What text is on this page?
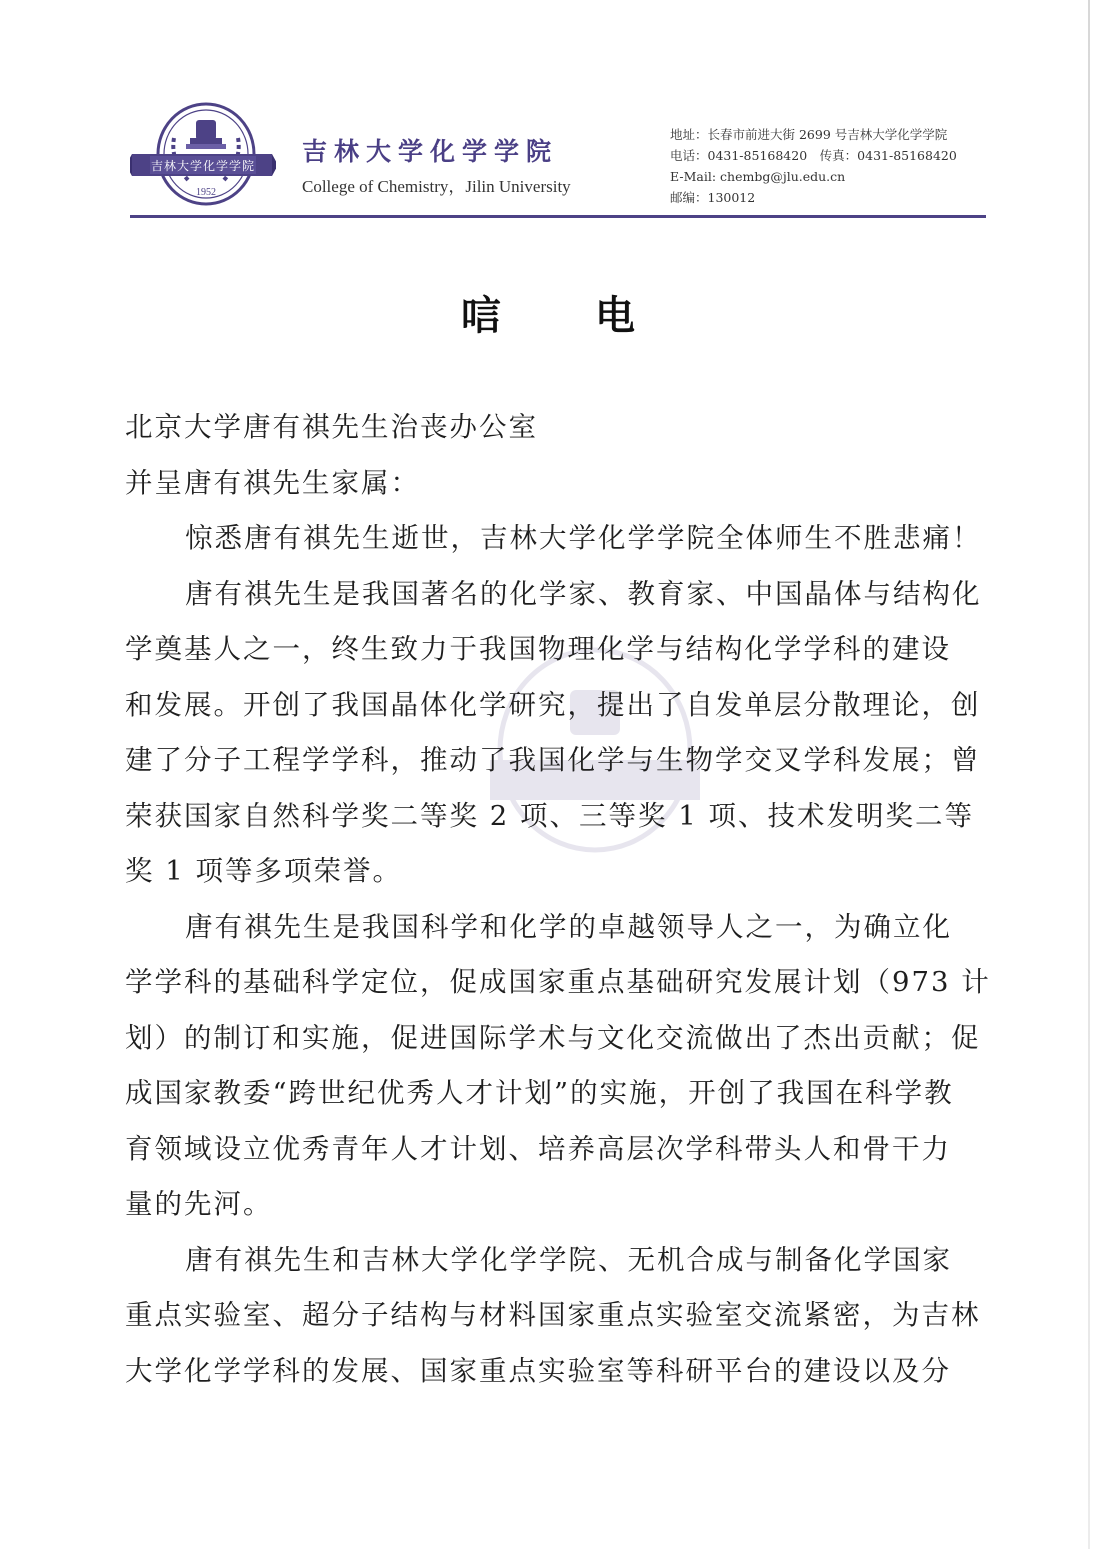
吉林大学化学学院
1952
吉林大学化学学院
College of Chemistry，Jilin University
地址：长春市前进大街 2699 号吉林大学化学学院
电话：0431-85168420　传真：0431-85168420
E-Mail: chembg@jlu.edu.cn
邮编：130012
唁电
北京大学唐有祺先生治丧办公室
并呈唐有祺先生家属：
惊悉唐有祺先生逝世，吉林大学化学学院全体师生不胜悲痛！
唐有祺先生是我国著名的化学家、教育家、中国晶体与结构化
学奠基人之一，终生致力于我国物理化学与结构化学学科的建设
和发展。开创了我国晶体化学研究，提出了自发单层分散理论，创
建了分子工程学学科，推动了我国化学与生物学交叉学科发展；曾
荣获国家自然科学奖二等奖 2 项、三等奖 1 项、技术发明奖二等
奖 1 项等多项荣誉。
唐有祺先生是我国科学和化学的卓越领导人之一，为确立化
学学科的基础科学定位，促成国家重点基础研究发展计划（973 计
划）的制订和实施，促进国际学术与文化交流做出了杰出贡献；促
成国家教委“跨世纪优秀人才计划”的实施，开创了我国在科学教
育领域设立优秀青年人才计划、培养高层次学科带头人和骨干力
量的先河。
唐有祺先生和吉林大学化学学院、无机合成与制备化学国家
重点实验室、超分子结构与材料国家重点实验室交流紧密，为吉林
大学化学学科的发展、国家重点实验室等科研平台的建设以及分
